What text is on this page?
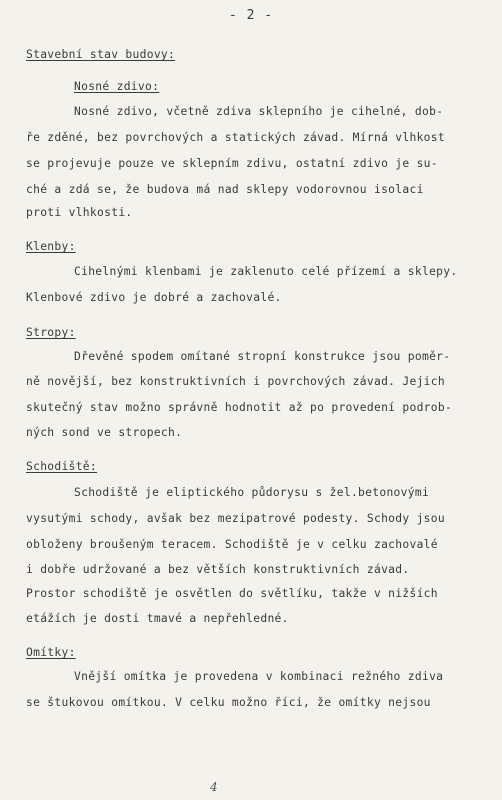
- 2 -
Stavební stav budovy:
Nosné zdivo:
Nosné zdivo, včetně zdiva sklepního je cihelné, dob-
ře zděné, bez povrchových a statických závad. Mírná vlhkost
se projevuje pouze ve sklepním zdivu, ostatní zdivo je su-
ché a zdá se, že budova má nad sklepy vodorovnou isolaci
proti vlhkosti.
Klenby:
Cihelnými klenbami je zaklenuto celé přízemí a sklepy.
Klenbové zdivo je dobré a zachovalé.
Stropy:
Dřevěné spodem omítané stropní konstrukce jsou poměr-
ně novější, bez konstruktivních i povrchových závad. Jejich
skutečný stav možno správně hodnotit až po provedení podrob-
ných sond ve stropech.
Schodiště:
Schodiště je eliptického půdorysu s žel.betonovými
vysutými schody, avšak bez mezipatrové podesty. Schody jsou
obloženy broušeným teracem. Schodiště je v celku zachovalé
i dobře udržované a bez větších konstruktivních závad.
Prostor schodiště je osvětlen do světlíku, takže v nižších
etážích je dosti tmavé a nepřehledné.
Omítky:
Vnější omítka je provedena v kombinaci režného zdiva
se štukovou omítkou. V celku možno říci, že omítky nejsou
4
